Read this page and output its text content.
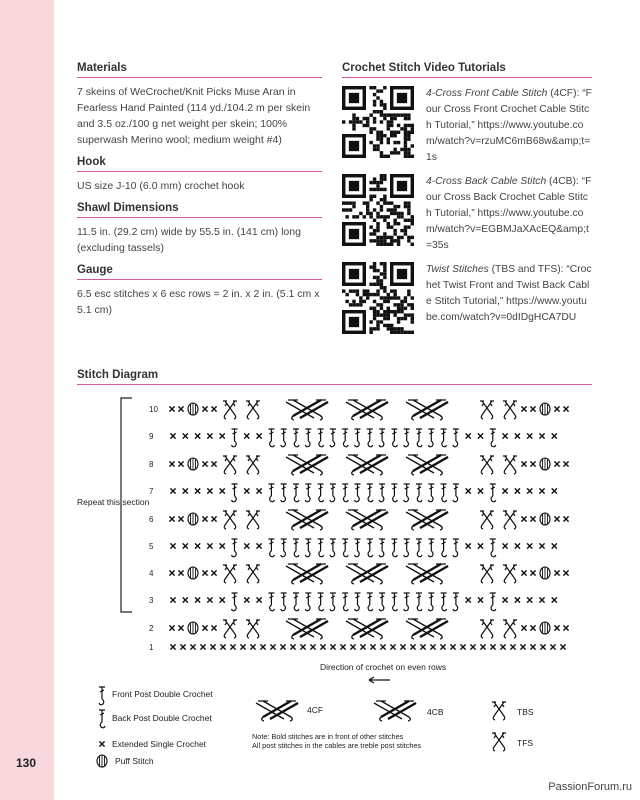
130
PassionForum.ru
Materials
7 skeins of WeCrochet/Knit Picks Muse Aran in Fearless Hand Painted (114 yd./104.2 m per skein and 3.5 oz./100 g net weight per skein; 100% superwash Merino wool; medium weight #4)
Hook
US size J-10 (6.0 mm) crochet hook
Shawl Dimensions
11.5 in. (29.2 cm) wide by 55.5 in. (141 cm) long (excluding tassels)
Gauge
6.5 esc stitches x 6 esc rows = 2 in. x 2 in. (5.1 cm x 5.1 cm)
Crochet Stitch Video Tutorials
4-Cross Front Cable Stitch (4CF): “Four Cross Front Crochet Cable Stitch Tutorial,” https://www.youtube.com/watch?v=rzuMC6mB68w&amp;t=1s
4-Cross Back Cable Stitch (4CB): “Four Cross Back Crochet Cable Stitch Tutorial,” https://www.youtube.com/watch?v=EGBMJaXAcEQ&amp;t=35s
Twist Stitches (TBS and TFS): “Crochet Twist Front and Twist Back Cable Stitch Tutorial,” https://www.youtube.com/watch?v=0dIDgHCA7DU
Stitch Diagram
Repeat this section
10
9
8
7
6
5
4
3
2
1
Direction of crochet on even rows
Front Post Double Crochet
Back Post Double Crochet
Extended Single Crochet
Puff Stitch
4CF	4CB
Note: Bold stitches are in front of other stitches
All post stitches in the cables are treble post stitches
TBS
TFS
